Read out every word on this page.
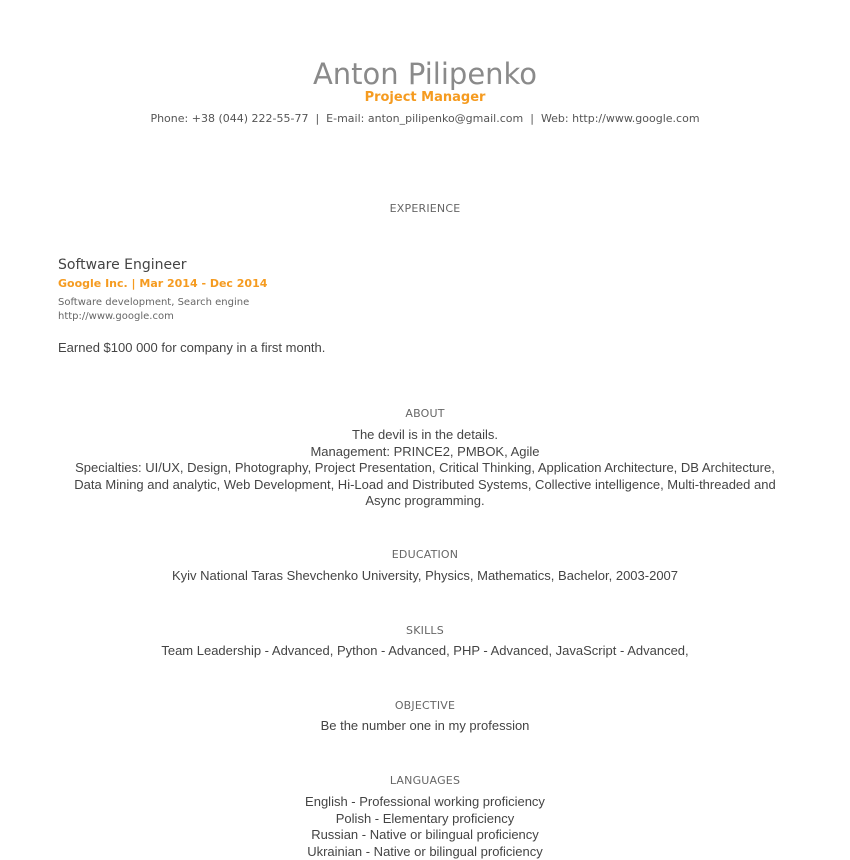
Anton Pilipenko
Project Manager
Phone: +38 (044) 222-55-77 | E-mail: anton_pilipenko@gmail.com | Web: http://www.google.com
EXPERIENCE
Software Engineer
Google Inc. | Mar 2014 - Dec 2014
Software development, Search engine
http://www.google.com
Earned $100 000 for company in a first month.
ABOUT
The devil is in the details.
Management: PRINCE2, PMBOK, Agile
Specialties: UI/UX, Design, Photography, Project Presentation, Critical Thinking, Application Architecture, DB Architecture, Data Mining and analytic, Web Development, Hi-Load and Distributed Systems, Collective intelligence, Multi-threaded and Async programming.
EDUCATION
Kyiv National Taras Shevchenko University, Physics, Mathematics, Bachelor, 2003-2007
SKILLS
Team Leadership - Advanced, Python - Advanced, PHP - Advanced, JavaScript - Advanced,
OBJECTIVE
Be the number one in my profession
LANGUAGES
English - Professional working proficiency
Polish - Elementary proficiency
Russian - Native or bilingual proficiency
Ukrainian - Native or bilingual proficiency
